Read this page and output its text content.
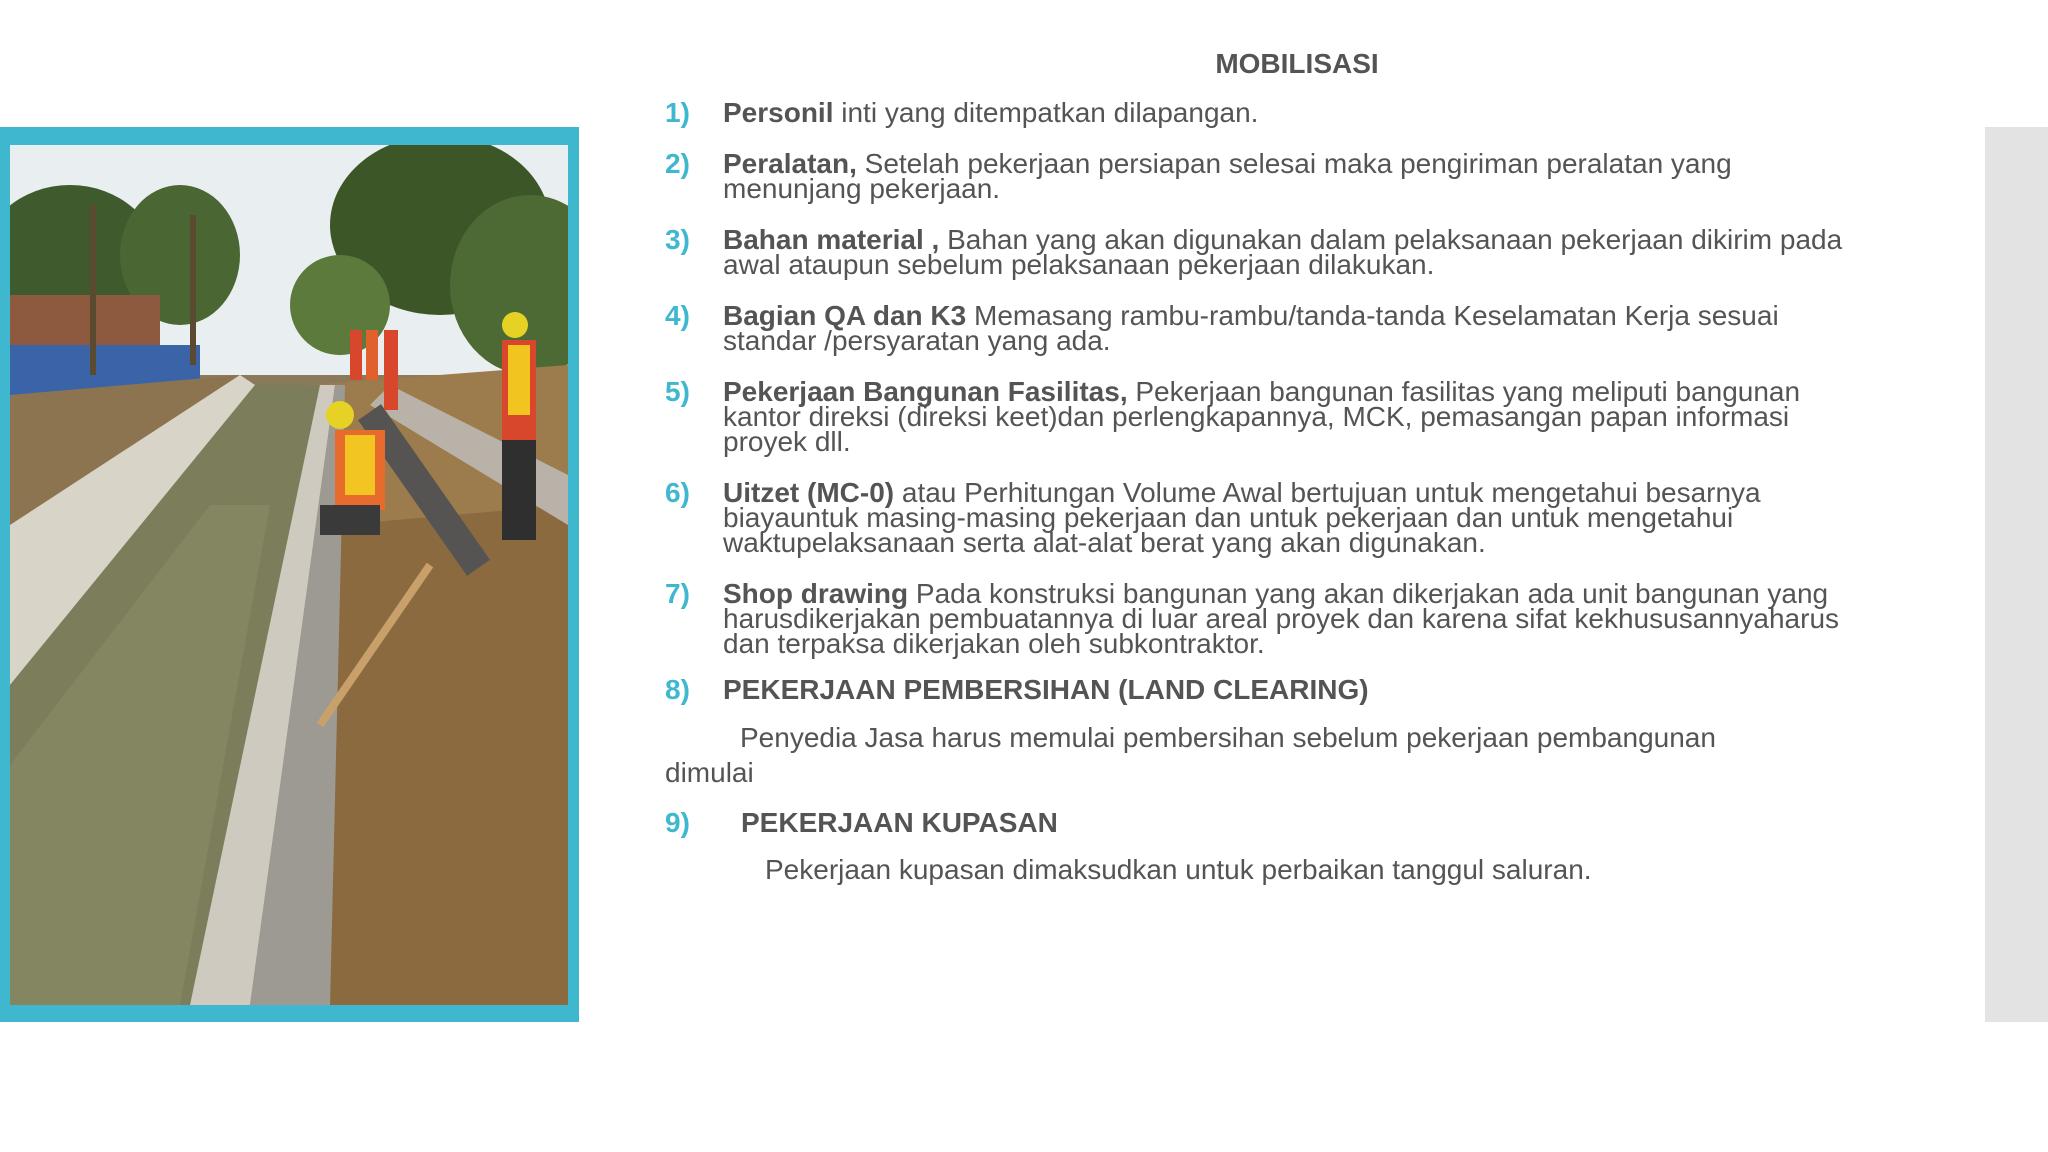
MOBILISASI
1) Personil inti yang ditempatkan dilapangan.
2) Peralatan, Setelah pekerjaan persiapan selesai maka pengiriman peralatan yang menunjang pekerjaan.
3) Bahan material , Bahan yang akan digunakan dalam pelaksanaan pekerjaan dikirim pada awal ataupun sebelum pelaksanaan pekerjaan dilakukan.
4) Bagian QA dan K3 Memasang rambu-rambu/tanda-tanda Keselamatan Kerja sesuai standar /persyaratan yang ada.
5) Pekerjaan Bangunan Fasilitas, Pekerjaan bangunan fasilitas yang meliputi bangunan kantor direksi (direksi keet)dan perlengkapannya, MCK, pemasangan papan informasi proyek dll.
6) Uitzet (MC-0) atau Perhitungan Volume Awal bertujuan untuk mengetahui besarnya biayauntuk masing-masing pekerjaan dan untuk pekerjaan dan untuk mengetahui waktupelaksanaan serta alat-alat berat yang akan digunakan.
7) Shop drawing Pada konstruksi bangunan yang akan dikerjakan ada unit bangunan yang harusdikerjakan pembuatannya di luar areal proyek dan karena sifat kekhususannyaharus dan terpaksa dikerjakan oleh subkontraktor.
8) PEKERJAAN PEMBERSIHAN (LAND CLEARING)
Penyedia Jasa harus memulai pembersihan sebelum pekerjaan pembangunan
dimulai
9) PEKERJAAN KUPASAN
Pekerjaan kupasan dimaksudkan untuk perbaikan tanggul saluran.
